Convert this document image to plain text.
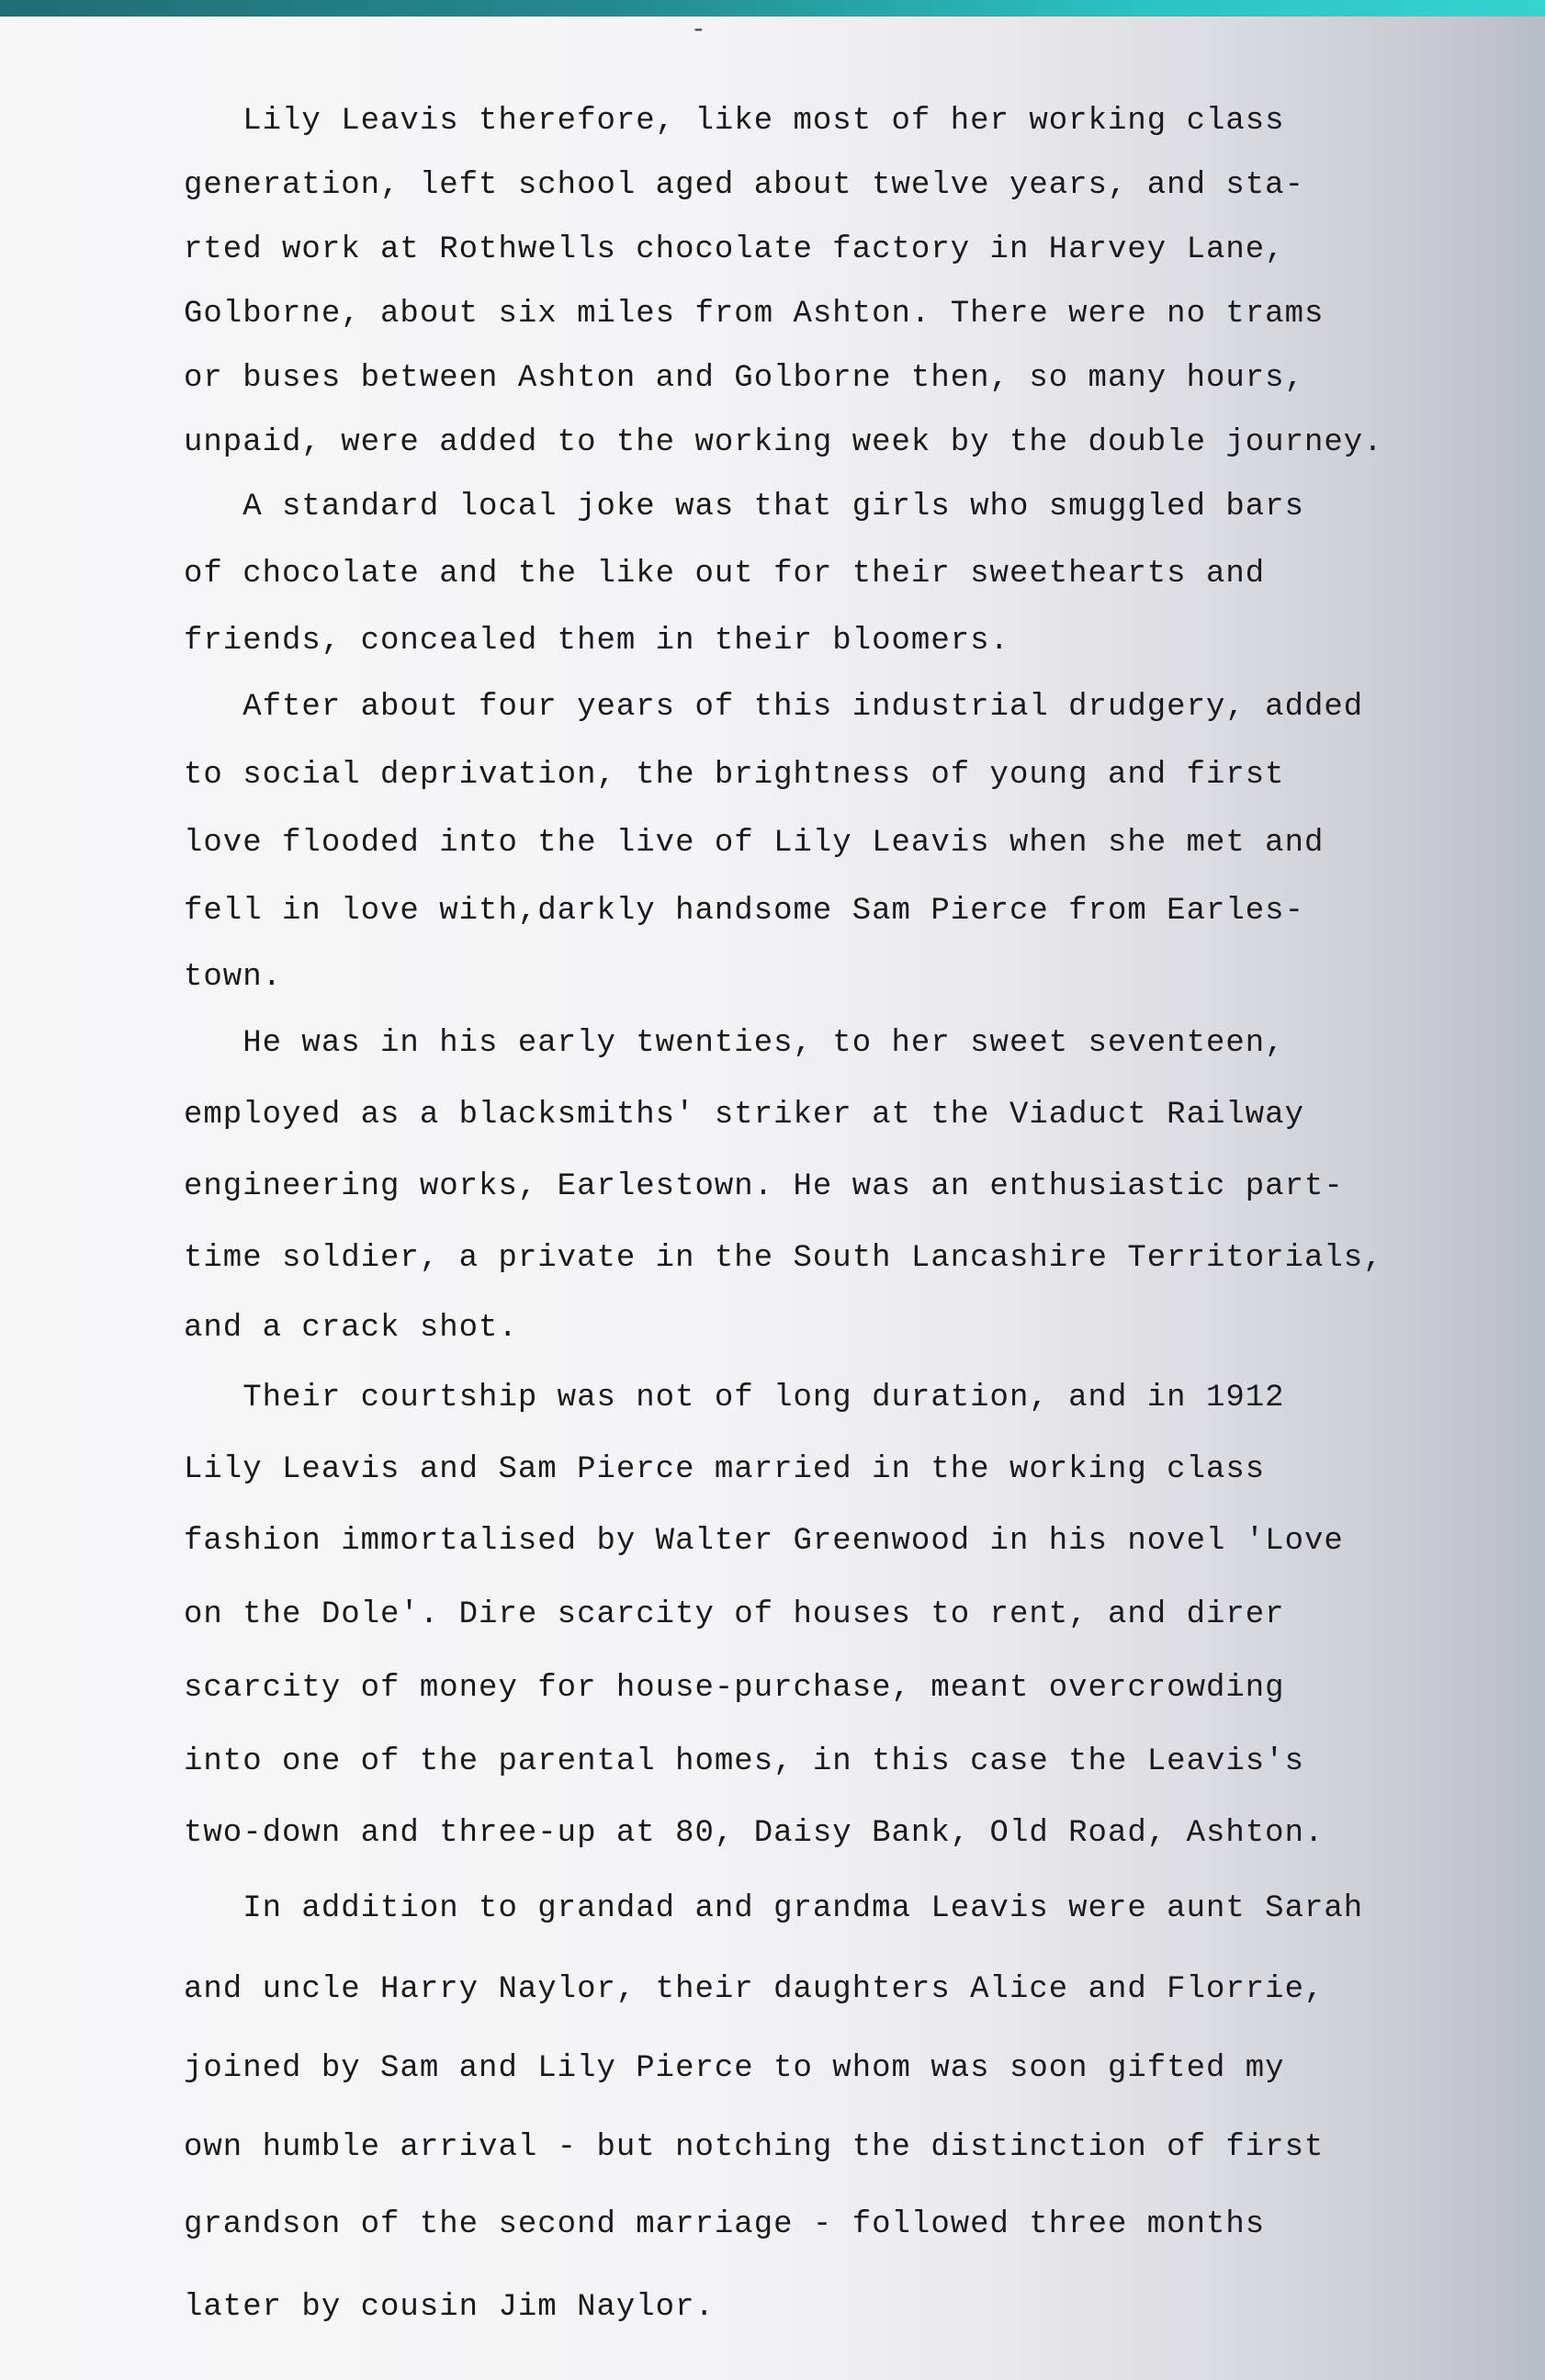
-
Lily Leavis therefore, like most of her working class
generation, left school aged about twelve years, and sta-
rted work at Rothwells chocolate factory in Harvey Lane,
Golborne, about six miles from Ashton. There were no trams
or buses between Ashton and Golborne then, so many hours,
unpaid, were added to the working week by the double journey.
A standard local joke was that girls who smuggled bars
of chocolate and the like out for their sweethearts and
friends, concealed them in their bloomers.
After about four years of this industrial drudgery, added
to social deprivation, the brightness of young and first
love flooded into the live of Lily Leavis when she met and
fell in love with,darkly handsome Sam Pierce from Earles-
town.
He was in his early twenties, to her sweet seventeen,
employed as a blacksmiths' striker at the Viaduct Railway
engineering works, Earlestown. He was an enthusiastic part-
time soldier, a private in the South Lancashire Territorials,
and a crack shot.
Their courtship was not of long duration, and in 1912
Lily Leavis and Sam Pierce married in the working class
fashion immortalised by Walter Greenwood in his novel 'Love
on the Dole'. Dire scarcity of houses to rent, and direr
scarcity of money for house-purchase, meant overcrowding
into one of the parental homes, in this case the Leavis's
two-down and three-up at 80, Daisy Bank, Old Road, Ashton.
In addition to grandad and grandma Leavis were aunt Sarah
and uncle Harry Naylor, their daughters Alice and Florrie,
joined by Sam and Lily Pierce to whom was soon gifted my
own humble arrival - but notching the distinction of first
grandson of the second marriage - followed three months
later by cousin Jim Naylor.
